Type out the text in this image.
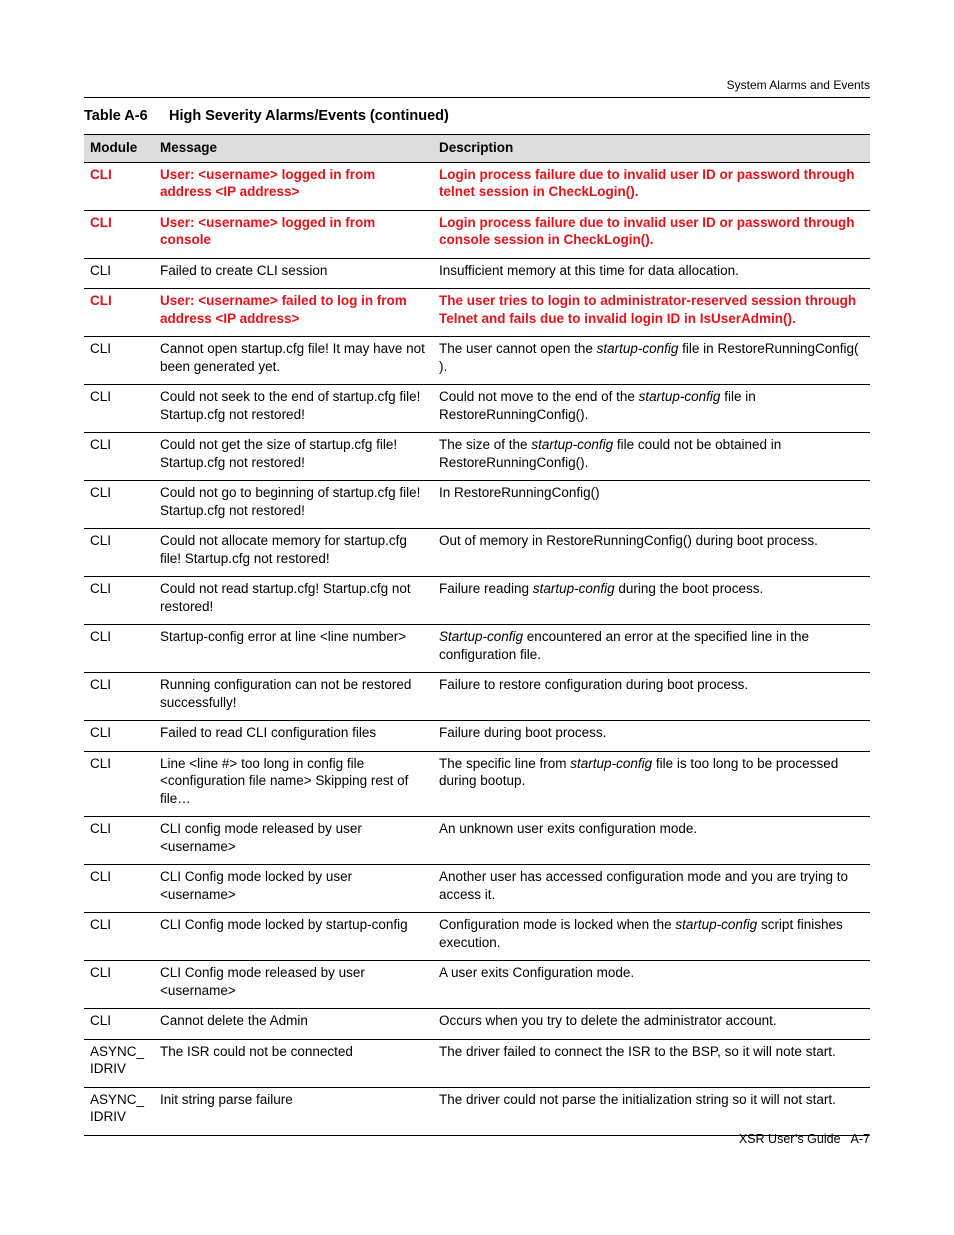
System Alarms and Events
Table A-6 High Severity Alarms/Events (continued)
Module	Message	Description
CLI	User: <username> logged in from address <IP address>	Login process failure due to invalid user ID or password through telnet session in CheckLogin().
CLI	User: <username> logged in from console	Login process failure due to invalid user ID or password through console session in CheckLogin().
CLI	Failed to create CLI session	Insufficient memory at this time for data allocation.
CLI	User: <username> failed to log in from address <IP address>	The user tries to login to administrator-reserved session through Telnet and fails due to invalid login ID in IsUserAdmin().
CLI	Cannot open startup.cfg file! It may have not been generated yet.	The user cannot open the startup-config file in RestoreRunningConfig( ).
CLI	Could not seek to the end of startup.cfg file! Startup.cfg not restored!	Could not move to the end of the startup-config file in RestoreRunningConfig().
CLI	Could not get the size of startup.cfg file! Startup.cfg not restored!	The size of the startup-config file could not be obtained in RestoreRunningConfig().
CLI	Could not go to beginning of startup.cfg file! Startup.cfg not restored!	In RestoreRunningConfig()
CLI	Could not allocate memory for startup.cfg file! Startup.cfg not restored!	Out of memory in RestoreRunningConfig() during boot process.
CLI	Could not read startup.cfg! Startup.cfg not restored!	Failure reading startup-config during the boot process.
CLI	Startup-config error at line <line number>	Startup-config encountered an error at the specified line in the configuration file.
CLI	Running configuration can not be restored successfully!	Failure to restore configuration during boot process.
CLI	Failed to read CLI configuration files	Failure during boot process.
CLI	Line <line #> too long in config file <configuration file name> Skipping rest of file…	The specific line from startup-config file is too long to be processed during bootup.
CLI	CLI config mode released by user <username>	An unknown user exits configuration mode.
CLI	CLI Config mode locked by user <username>	Another user has accessed configuration mode and you are trying to access it.
CLI	CLI Config mode locked by startup-config	Configuration mode is locked when the startup-config script finishes execution.
CLI	CLI Config mode released by user <username>	A user exits Configuration mode.
CLI	Cannot delete the Admin	Occurs when you try to delete the administrator account.
ASYNC_ IDRIV	The ISR could not be connected	The driver failed to connect the ISR to the BSP, so it will note start.
ASYNC_ IDRIV	Init string parse failure	The driver could not parse the initialization string so it will not start.
XSR User’s Guide A-7
